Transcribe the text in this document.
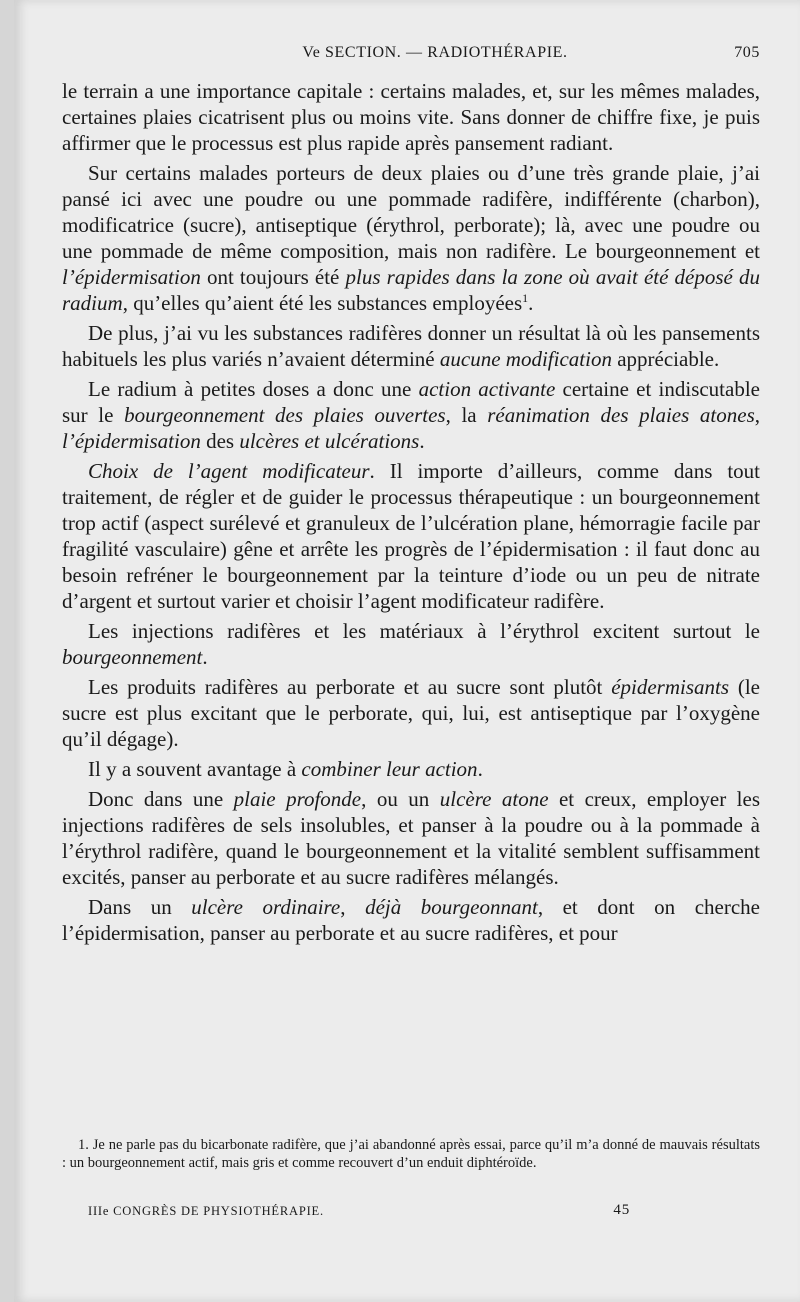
Ve SECTION. — RADIOTHÉRAPIE.	705

le terrain a une importance capitale : certains malades, et, sur les mêmes malades, certaines plaies cicatrisent plus ou moins vite. Sans donner de chiffre fixe, je puis affirmer que le processus est plus rapide après pansement radiant.

Sur certains malades porteurs de deux plaies ou d’une très grande plaie, j’ai pansé ici avec une poudre ou une pommade radifère, indifférente (charbon), modificatrice (sucre), antiseptique (érythrol, perborate); là, avec une poudre ou une pommade de même composition, mais non radifère. Le bourgeonnement et l’épidermisation ont toujours été plus rapides dans la zone où avait été déposé du radium, qu’elles qu’aient été les substances employées$^1$.

De plus, j’ai vu les substances radifères donner un résultat là où les pansements habituels les plus variés n’avaient déterminé aucune modification appréciable.

Le radium à petites doses a donc une action activante certaine et indiscutable sur le bourgeonnement des plaies ouvertes, la réanimation des plaies atones, l’épidermisation des ulcères et ulcérations.

Choix de l’agent modificateur. Il importe d’ailleurs, comme dans tout traitement, de régler et de guider le processus thérapeutique : un bourgeonnement trop actif (aspect surélevé et granuleux de l’ulcération plane, hémorragie facile par fragilité vasculaire) gêne et arrête les progrès de l’épidermisation : il faut donc au besoin refréner le bourgeonnement par la teinture d’iode ou un peu de nitrate d’argent et surtout varier et choisir l’agent modificateur radifère.

Les injections radifères et les matériaux à l’érythrol excitent surtout le bourgeonnement.

Les produits radifères au perborate et au sucre sont plutôt épidermisants (le sucre est plus excitant que le perborate, qui, lui, est antiseptique par l’oxygène qu’il dégage).

Il y a souvent avantage à combiner leur action.

Donc dans une plaie profonde, ou un ulcère atone et creux, employer les injections radifères de sels insolubles, et panser à la poudre ou à la pommade à l’érythrol radifère, quand le bourgeonnement et la vitalité semblent suffisamment excités, panser au perborate et au sucre radifères mélangés.

Dans un ulcère ordinaire, déjà bourgeonnant, et dont on cherche l’épidermisation, panser au perborate et au sucre radifères, et pour

1. Je ne parle pas du bicarbonate radifère, que j’ai abandonné après essai, parce qu’il m’a donné de mauvais résultats : un bourgeonnement actif, mais gris et comme recouvert d’un enduit diphtéroïde.
IIIe CONGRÈS DE PHYSIOTHÉRAPIE.	45
